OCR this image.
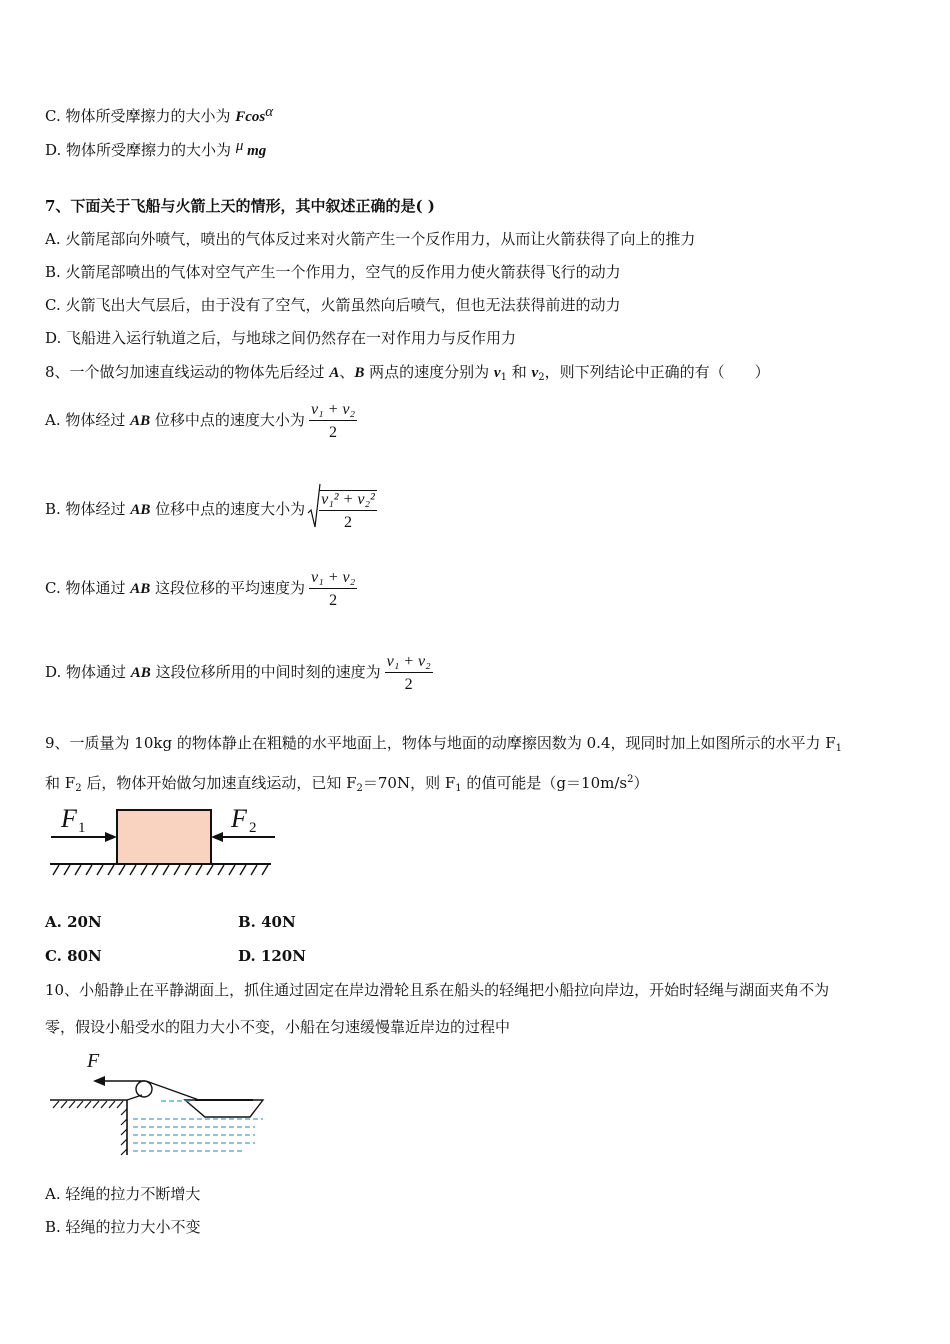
C. 物体所受摩擦力的大小为 Fcosα
D. 物体所受摩擦力的大小为 μ mg
7、下面关于飞船与火箭上天的情形，其中叙述正确的是( )
A. 火箭尾部向外喷气，喷出的气体反过来对火箭产生一个反作用力，从而让火箭获得了向上的推力
B. 火箭尾部喷出的气体对空气产生一个作用力，空气的反作用力使火箭获得飞行的动力
C. 火箭飞出大气层后，由于没有了空气，火箭虽然向后喷气，但也无法获得前进的动力
D. 飞船进入运行轨道之后，与地球之间仍然存在一对作用力与反作用力
8、一个做匀加速直线运动的物体先后经过 A、B 两点的速度分别为 $v_1$ 和 $v_2$，则下列结论中正确的有（　　）
A. 物体经过 AB 位移中点的速度大小为 $\frac{\text{v₁ + v₂}}{2}$
B. 物体经过 AB 位移中点的速度大小为 $\frac{\text{v₁² + v₂²}}{2}$
C. 物体通过 AB 这段位移的平均速度为 $\frac{\text{v₁ + v₂}}{2}$
D. 物体通过 AB 这段位移所用的中间时刻的速度为 $\frac{\text{v₁ + v₂}}{2}$
9、一质量为 10kg 的物体静止在粗糙的水平地面上，物体与地面的动摩擦因数为 0.4，现同时加上如图所示的水平力 $F_1$
和 $F_2$ 后，物体开始做匀加速直线运动，已知 $F_2=70N$，则 $F_1$ 的值可能是$(g=10m/s^2)$
F 1	F 2
A. 20N	B. 40N
C. 80N	D. 120N
10、小船静止在平静湖面上，抓住通过固定在岸边滑轮且系在船头的轻绳把小船拉向岸边，开始时轻绳与湖面夹角不为
零，假设小船受水的阻力大小不变，小船在匀速缓慢靠近岸边的过程中
F
A. 轻绳的拉力不断增大
B. 轻绳的拉力大小不变
